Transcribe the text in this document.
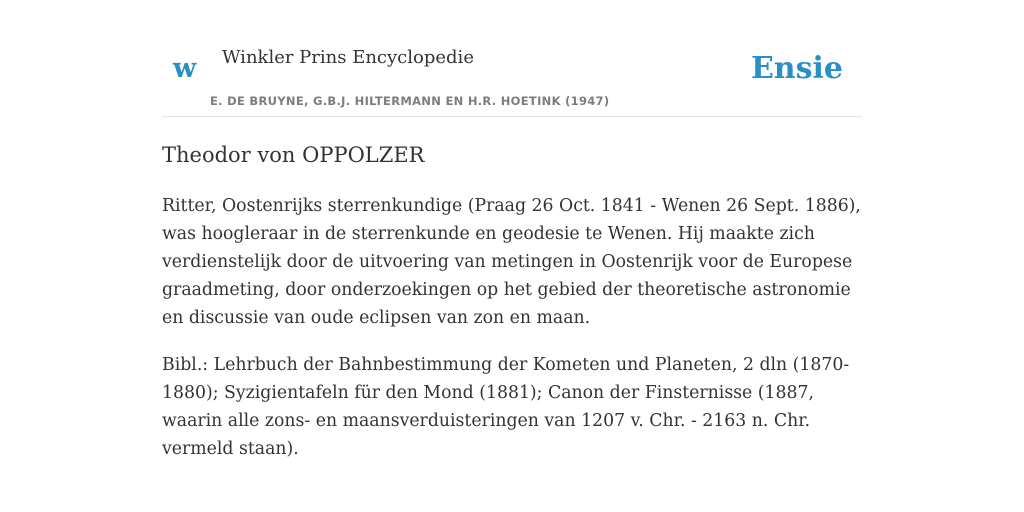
w Winkler Prins Encyclopedie
E. DE BRUYNE, G.B.J. HILTERMANN EN H.R. HOETINK (1947)
Ensie
Theodor von OPPOLZER

Ritter, Oostenrijks sterrenkundige (Praag 26 Oct. 1841 - Wenen 26 Sept. 1886), was hoogleraar in de sterrenkunde en geodesie te Wenen. Hij maakte zich verdienstelijk door de uitvoering van metingen in Oostenrijk voor de Europese graadmeting, door onderzoekingen op het gebied der theoretische astronomie en discussie van oude eclipsen van zon en maan.

Bibl.: Lehrbuch der Bahnbestimmung der Kometen und Planeten, 2 dln (1870-1880); Syzigientafeln für den Mond (1881); Canon der Finsternisse (1887, waarin alle zons- en maansverduisteringen van 1207 v. Chr. - 2163 n. Chr. vermeld staan).
